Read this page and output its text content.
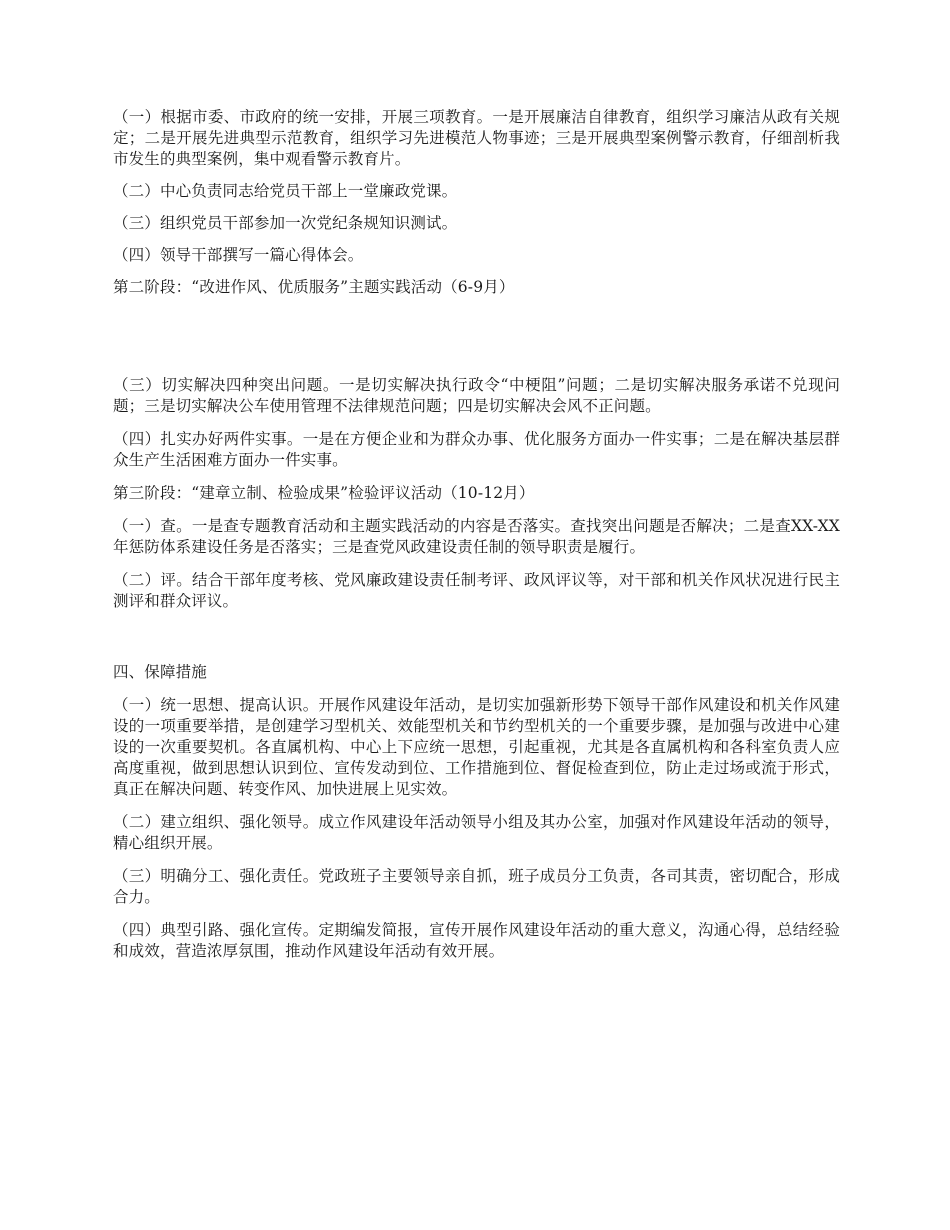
（一）根据市委、市政府的统一安排，开展三项教育。一是开展廉洁自律教育，组织学习廉洁从政有关规定；二是开展先进典型示范教育，组织学习先进模范人物事迹；三是开展典型案例警示教育，仔细剖析我市发生的典型案例，集中观看警示教育片。

（二）中心负责同志给党员干部上一堂廉政党课。

（三）组织党员干部参加一次党纪条规知识测试。

（四）领导干部撰写一篇心得体会。

第二阶段：“改进作风、优质服务”主题实践活动（6-9月）

（三）切实解决四种突出问题。一是切实解决执行政令“中梗阻”问题；二是切实解决服务承诺不兑现问题；三是切实解决公车使用管理不法律规范问题；四是切实解决会风不正问题。

（四）扎实办好两件实事。一是在方便企业和为群众办事、优化服务方面办一件实事；二是在解决基层群众生产生活困难方面办一件实事。

第三阶段：“建章立制、检验成果”检验评议活动（10-12月）

（一）查。一是查专题教育活动和主题实践活动的内容是否落实。查找突出问题是否解决；二是查XX-XX年惩防体系建设任务是否落实；三是查党风政建设责任制的领导职责是履行。

（二）评。结合干部年度考核、党风廉政建设责任制考评、政风评议等，对干部和机关作风状况进行民主测评和群众评议。

四、保障措施

（一）统一思想、提高认识。开展作风建设年活动，是切实加强新形势下领导干部作风建设和机关作风建设的一项重要举措，是创建学习型机关、效能型机关和节约型机关的一个重要步骤，是加强与改进中心建设的一次重要契机。各直属机构、中心上下应统一思想，引起重视，尤其是各直属机构和各科室负责人应高度重视，做到思想认识到位、宣传发动到位、工作措施到位、督促检查到位，防止走过场或流于形式，真正在解决问题、转变作风、加快进展上见实效。

（二）建立组织、强化领导。成立作风建设年活动领导小组及其办公室，加强对作风建设年活动的领导，精心组织开展。

（三）明确分工、强化责任。党政班子主要领导亲自抓，班子成员分工负责，各司其责，密切配合，形成合力。

（四）典型引路、强化宣传。定期编发简报，宣传开展作风建设年活动的重大意义，沟通心得，总结经验和成效，营造浓厚氛围，推动作风建设年活动有效开展。
